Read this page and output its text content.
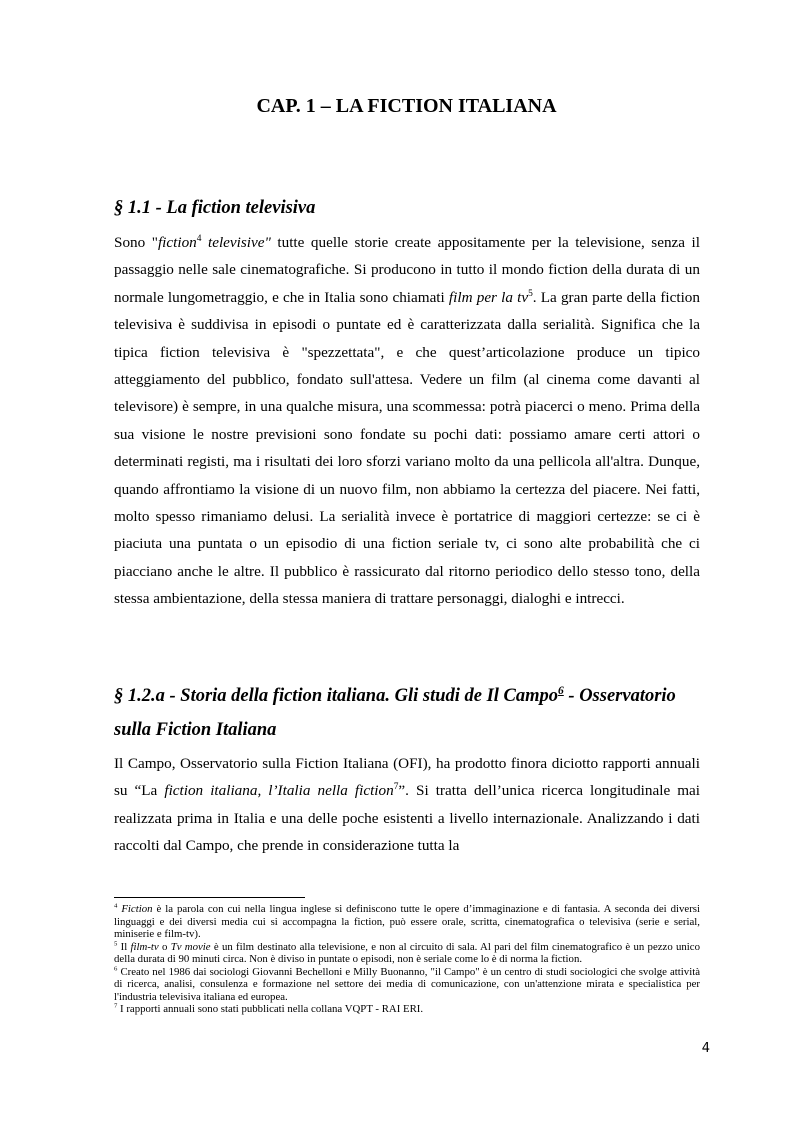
CAP. 1 – LA FICTION ITALIANA
§ 1.1 - La fiction televisiva

Sono "fiction$^4$ televisive" tutte quelle storie create appositamente per la televisione, senza il passaggio nelle sale cinematografiche. Si producono in tutto il mondo fiction della durata di un normale lungometraggio, e che in Italia sono chiamati film per la $tv^5$. La gran parte della fiction televisiva è suddivisa in episodi o puntate ed è caratterizzata dalla serialità. Significa che la tipica fiction televisiva è "spezzettata", e che quest’articolazione produce un tipico atteggiamento del pubblico, fondato sull'attesa. Vedere un film (al cinema come davanti al televisore) è sempre, in una qualche misura, una scommessa: potrà piacerci o meno. Prima della sua visione le nostre previsioni sono fondate su pochi dati: possiamo amare certi attori o determinati registi, ma i risultati dei loro sforzi variano molto da una pellicola all'altra. Dunque, quando affrontiamo la visione di un nuovo film, non abbiamo la certezza del piacere. Nei fatti, molto spesso rimaniamo delusi. La serialità invece è portatrice di maggiori certezze: se ci è piaciuta una puntata o un episodio di una fiction seriale tv, ci sono alte probabilità che ci piacciano anche le altre. Il pubblico è rassicurato dal ritorno periodico dello stesso tono, della stessa ambientazione, della stessa maniera di trattare personaggi, dialoghi e intrecci.

§ 1.2.a - Storia della fiction italiana. Gli studi de Il Campo$^6$ - Osservatorio sulla Fiction Italiana

Il Campo, Osservatorio sulla Fiction Italiana (OFI), ha prodotto finora diciotto rapporti annuali su “La fiction italiana, l’Italia nella fiction$^7$”. Si tratta dell’unica ricerca longitudinale mai realizzata prima in Italia e una delle poche esistenti a livello internazionale. Analizzando i dati raccolti dal Campo, che prende in considerazione tutta la

$^4$ Fiction è la parola con cui nella lingua inglese si definiscono tutte le opere d’immaginazione e di fantasia. A seconda dei diversi linguaggi e dei diversi media cui si accompagna la fiction, può essere orale, scritta, cinematografica o televisiva (serie e serial, miniserie e film-tv).

$^5$ Il film-tv o Tv movie è un film destinato alla televisione, e non al circuito di sala. Al pari del film cinematografico è un pezzo unico della durata di 90 minuti circa. Non è diviso in puntate o episodi, non è seriale come lo è di norma la fiction.

$^6$ Creato nel 1986 dai sociologi Giovanni Bechelloni e Milly Buonanno, "il Campo" è un centro di studi sociologici che svolge attività di ricerca, analisi, consulenza e formazione nel settore dei media di comunicazione, con un'attenzione mirata e specialistica per l'industria televisiva italiana ed europea.

$^7$ I rapporti annuali sono stati pubblicati nella collana VQPT - RAI ERI.

4
